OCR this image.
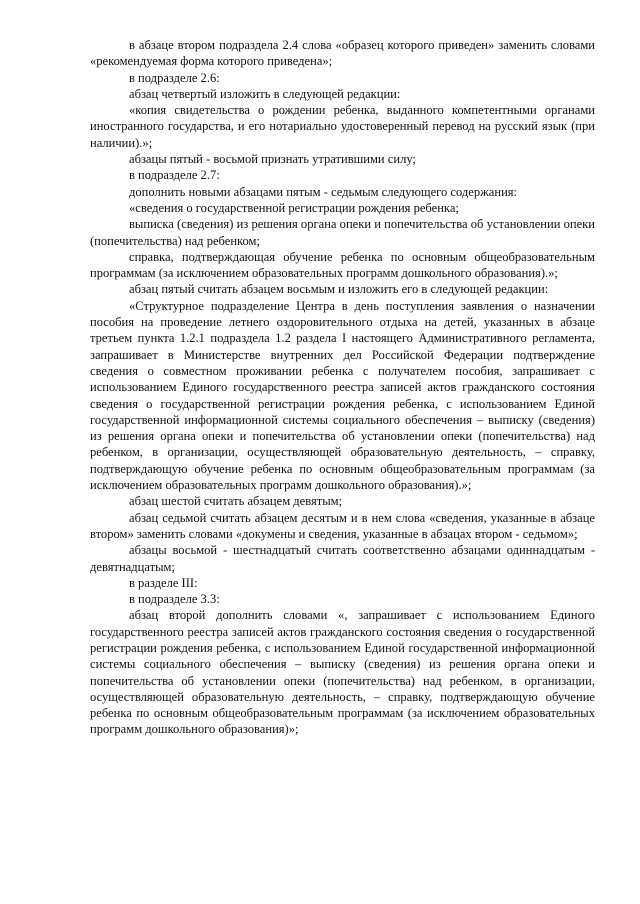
в абзаце втором подраздела 2.4 слова «образец которого приведен» заменить словами «рекомендуемая форма которого приведена»;

в подразделе 2.6:

абзац четвертый изложить в следующей редакции:

«копия свидетельства о рождении ребенка, выданного компетентными органами иностранного государства, и его нотариально удостоверенный перевод на русский язык (при наличии).»;

абзацы пятый - восьмой признать утратившими силу;

в подразделе 2.7:

дополнить новыми абзацами пятым - седьмым следующего содержания:

«сведения о государственной регистрации рождения ребенка;

выписка (сведения) из решения органа опеки и попечительства об установлении опеки (попечительства) над ребенком;

справка, подтверждающая обучение ребенка по основным общеобразовательным программам (за исключением образовательных программ дошкольного образования).»;

абзац пятый считать абзацем восьмым и изложить его в следующей редакции:

«Структурное подразделение Центра в день поступления заявления о назначении пособия на проведение летнего оздоровительного отдыха на детей, указанных в абзаце третьем пункта 1.2.1 подраздела 1.2 раздела I настоящего Административного регламента, запрашивает в Министерстве внутренних дел Российской Федерации подтверждение сведения о совместном проживании ребенка с получателем пособия, запрашивает с использованием Единого государственного реестра записей актов гражданского состояния сведения о государственной регистрации рождения ребенка, с использованием Единой государственной информационной системы социального обеспечения – выписку (сведения) из решения органа опеки и попечительства об установлении опеки (попечительства) над ребенком, в организации, осуществляющей образовательную деятельность, – справку, подтверждающую обучение ребенка по основным общеобразовательным программам (за исключением образовательных программ дошкольного образования).»;

абзац шестой считать абзацем девятым;

абзац седьмой считать абзацем десятым и в нем слова «сведения, указанные в абзаце втором» заменить словами «докумены и сведения, указанные в абзацах втором - седьмом»;

абзацы восьмой - шестнадцатый считать соответственно абзацами одиннадцатым - девятнадцатым;

в разделе III:

в подразделе 3.3:

абзац второй дополнить словами «, запрашивает с использованием Единого государственного реестра записей актов гражданского состояния сведения о государственной регистрации рождения ребенка, с использованием Единой государственной информационной системы социального обеспечения – выписку (сведения) из решения органа опеки и попечительства об установлении опеки (попечительства) над ребенком, в организации, осуществляющей образовательную деятельность, – справку, подтверждающую обучение ребенка по основным общеобразовательным программам (за исключением образовательных программ дошкольного образования)»;
